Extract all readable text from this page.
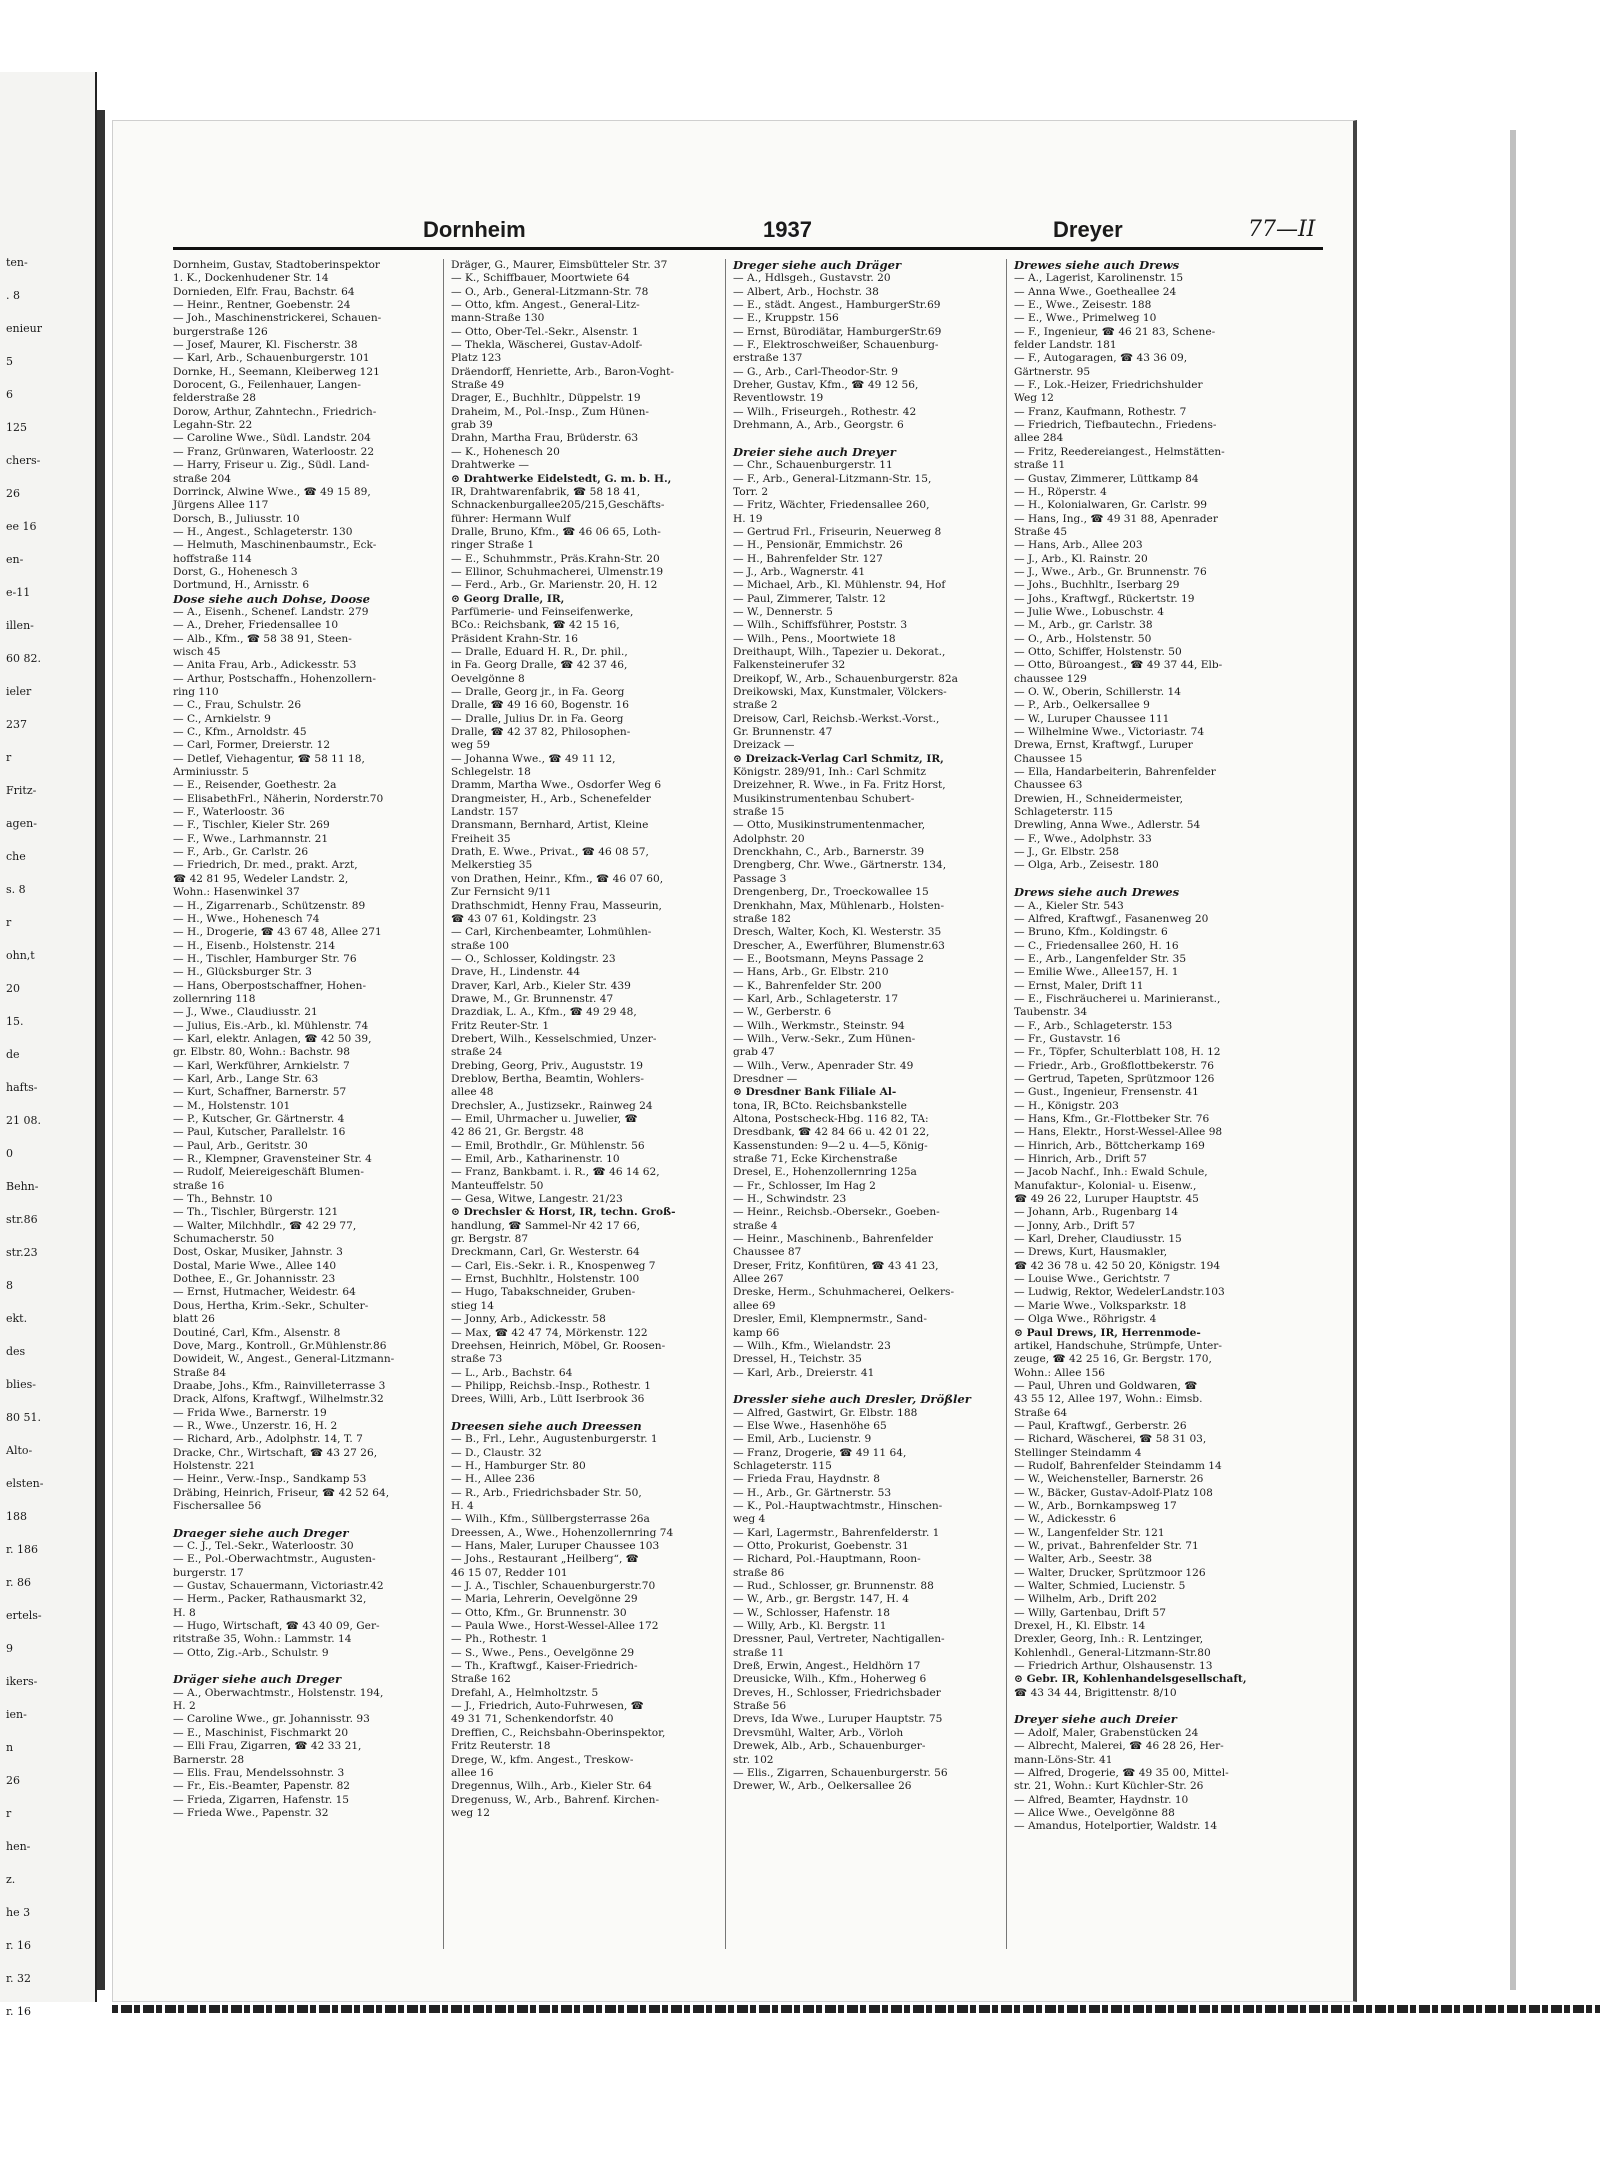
ten-
. 8
enieur
5
6
125
chers-
26
ee 16
en-
e-11
illen-
60 82.
ieler
237
r
Fritz-
agen-
che
s. 8
r
ohn,t
20
15.
de
hafts-
21 08.
0
Behn-
str.86
str.23
8
ekt.
des
blies-
80 51.
Alto-
elsten-
188
r. 186
r. 86
ertels-
9
ikers-
ien-
n
26
r
hen-
z.
he 3
r. 16
r. 32
r. 16
Dornheim	1937	Dreyer	77—II
Dornheim, Gustav, Stadtoberinspektor
1. K., Dockenhudener Str. 14
Dornieden, Elfr. Frau, Bachstr. 64
— Heinr., Rentner, Goebenstr. 24
— Joh., Maschinenstrickerei, Schauen-
burgerstraße 126
— Josef, Maurer, Kl. Fischerstr. 38
— Karl, Arb., Schauenburgerstr. 101
Dornke, H., Seemann, Kleiberweg 121
Dorocent, G., Feilenhauer, Langen-
felderstraße 28
Dorow, Arthur, Zahntechn., Friedrich-
Legahn-Str. 22
— Caroline Wwe., Südl. Landstr. 204
— Franz, Grünwaren, Waterloostr. 22
— Harry, Friseur u. Zig., Südl. Land-
straße 204
Dorrinck, Alwine Wwe., ☎ 49 15 89,
Jürgens Allee 117
Dorsch, B., Juliusstr. 10
— H., Angest., Schlageterstr. 130
— Helmuth, Maschinenbaumstr., Eck-
hoffstraße 114
Dorst, G., Hohenesch 3
Dortmund, H., Arnisstr. 6
Dose siehe auch Dohse, Doose
— A., Eisenh., Schenef. Landstr. 279
— A., Dreher, Friedensallee 10
— Alb., Kfm., ☎ 58 38 91, Steen-
wisch 45
— Anita Frau, Arb., Adickesstr. 53
— Arthur, Postschaffn., Hohenzollern-
ring 110
— C., Frau, Schulstr. 26
— C., Arnkielstr. 9
— C., Kfm., Arnoldstr. 45
— Carl, Former, Dreierstr. 12
— Detlef, Viehagentur, ☎ 58 11 18,
Arminiusstr. 5
— E., Reisender, Goethestr. 2a
— ElisabethFrl., Näherin, Norderstr.70
— F., Waterloostr. 36
— F., Tischler, Kieler Str. 269
— F., Wwe., Larhmannstr. 21
— F., Arb., Gr. Carlstr. 26
— Friedrich, Dr. med., prakt. Arzt,
☎ 42 81 95, Wedeler Landstr. 2,
Wohn.: Hasenwinkel 37
— H., Zigarrenarb., Schützenstr. 89
— H., Wwe., Hohenesch 74
— H., Drogerie, ☎ 43 67 48, Allee 271
— H., Eisenb., Holstenstr. 214
— H., Tischler, Hamburger Str. 76
— H., Glücksburger Str. 3
— Hans, Oberpostschaffner, Hohen-
zollernring 118
— J., Wwe., Claudiusstr. 21
— Julius, Eis.-Arb., kl. Mühlenstr. 74
— Karl, elektr. Anlagen, ☎ 42 50 39,
gr. Elbstr. 80, Wohn.: Bachstr. 98
— Karl, Werkführer, Arnkielstr. 7
— Karl, Arb., Lange Str. 63
— Kurt, Schaffner, Barnerstr. 57
— M., Holstenstr. 101
— P., Kutscher, Gr. Gärtnerstr. 4
— Paul, Kutscher, Parallelstr. 16
— Paul, Arb., Geritstr. 30
— R., Klempner, Gravensteiner Str. 4
— Rudolf, Meiereigeschäft Blumen-
straße 16
— Th., Behnstr. 10
— Th., Tischler, Bürgerstr. 121
— Walter, Milchhdlr., ☎ 42 29 77,
Schumacherstr. 50
Dost, Oskar, Musiker, Jahnstr. 3
Dostal, Marie Wwe., Allee 140
Dothee, E., Gr. Johannisstr. 23
— Ernst, Hutmacher, Weidestr. 64
Dous, Hertha, Krim.-Sekr., Schulter-
blatt 26
Doutiné, Carl, Kfm., Alsenstr. 8
Dove, Marg., Kontroll., Gr.Mühlenstr.86
Dowideit, W., Angest., General-Litzmann-
Straße 84
Draabe, Johs., Kfm., Rainvilleterrasse 3
Drack, Alfons, Kraftwgf., Wilhelmstr.32
— Frida Wwe., Barnerstr. 19
— R., Wwe., Unzerstr. 16, H. 2
— Richard, Arb., Adolphstr. 14, T. 7
Dracke, Chr., Wirtschaft, ☎ 43 27 26,
Holstenstr. 221
— Heinr., Verw.-Insp., Sandkamp 53
Dräbing, Heinrich, Friseur, ☎ 42 52 64,
Fischersallee 56

Draeger siehe auch Dreger
— C. J., Tel.-Sekr., Waterloostr. 30
— E., Pol.-Oberwachtmstr., Augusten-
burgerstr. 17
— Gustav, Schauermann, Victoriastr.42
— Herm., Packer, Rathausmarkt 32,
H. 8
— Hugo, Wirtschaft, ☎ 43 40 09, Ger-
ritstraße 35, Wohn.: Lammstr. 14
— Otto, Zig.-Arb., Schulstr. 9

Dräger siehe auch Dreger
— A., Oberwachtmstr., Holstenstr. 194,
H. 2
— Caroline Wwe., gr. Johannisstr. 93
— E., Maschinist, Fischmarkt 20
— Elli Frau, Zigarren, ☎ 42 33 21,
Barnerstr. 28
— Elis. Frau, Mendelssohnstr. 3
— Fr., Eis.-Beamter, Papenstr. 82
— Frieda, Zigarren, Hafenstr. 15
— Frieda Wwe., Papenstr. 32
Dräger, G., Maurer, Eimsbütteler Str. 37
— K., Schiffbauer, Moortwiete 64
— O., Arb., General-Litzmann-Str. 78
— Otto, kfm. Angest., General-Litz-
mann-Straße 130
— Otto, Ober-Tel.-Sekr., Alsenstr. 1
— Thekla, Wäscherei, Gustav-Adolf-
Platz 123
Dräendorff, Henriette, Arb., Baron-Voght-
Straße 49
Drager, E., Buchhltr., Düppelstr. 19
Draheim, M., Pol.-Insp., Zum Hünen-
grab 39
Drahn, Martha Frau, Brüderstr. 63
— K., Hohenesch 20
Drahtwerke —
⊙ Drahtwerke Eidelstedt, G. m. b. H.,
IR, Drahtwarenfabrik, ☎ 58 18 41,
Schnackenburgallee205/215,Geschäfts-
führer: Hermann Wulf
Dralle, Bruno, Kfm., ☎ 46 06 65, Loth-
ringer Straße 1
— E., Schuhmmstr., Präs.Krahn-Str. 20
— Ellinor, Schuhmacherei, Ulmenstr.19
— Ferd., Arb., Gr. Marienstr. 20, H. 12
⊙ Georg Dralle, IR,
Parfümerie- und Feinseifenwerke,
BCo.: Reichsbank, ☎ 42 15 16,
Präsident Krahn-Str. 16
— Dralle, Eduard H. R., Dr. phil.,
in Fa. Georg Dralle, ☎ 42 37 46,
Oevelgönne 8
— Dralle, Georg jr., in Fa. Georg
Dralle, ☎ 49 16 60, Bogenstr. 16
— Dralle, Julius Dr. in Fa. Georg
Dralle, ☎ 42 37 82, Philosophen-
weg 59
— Johanna Wwe., ☎ 49 11 12,
Schlegelstr. 18
Dramm, Martha Wwe., Osdorfer Weg 6
Drangmeister, H., Arb., Schenefelder
Landstr. 157
Dransmann, Bernhard, Artist, Kleine
Freiheit 35
Drath, E. Wwe., Privat., ☎ 46 08 57,
Melkerstieg 35
von Drathen, Heinr., Kfm., ☎ 46 07 60,
Zur Fernsicht 9/11
Drathschmidt, Henny Frau, Masseurin,
☎ 43 07 61, Koldingstr. 23
— Carl, Kirchenbeamter, Lohmühlen-
straße 100
— O., Schlosser, Koldingstr. 23
Drave, H., Lindenstr. 44
Draver, Karl, Arb., Kieler Str. 439
Drawe, M., Gr. Brunnenstr. 47
Drazdiak, L. A., Kfm., ☎ 49 29 48,
Fritz Reuter-Str. 1
Drebert, Wilh., Kesselschmied, Unzer-
straße 24
Drebing, Georg, Priv., Auguststr. 19
Dreblow, Bertha, Beamtin, Wohlers-
allee 48
Drechsler, A., Justizsekr., Rainweg 24
— Emil, Uhrmacher u. Juwelier, ☎
42 86 21, Gr. Bergstr. 48
— Emil, Brothdlr., Gr. Mühlenstr. 56
— Emil, Arb., Katharinenstr. 10
— Franz, Bankbamt. i. R., ☎ 46 14 62,
Manteuffelstr. 50
— Gesa, Witwe, Langestr. 21/23
⊙ Drechsler & Horst, IR, techn. Groß-
handlung, ☎ Sammel-Nr 42 17 66,
gr. Bergstr. 87
Dreckmann, Carl, Gr. Westerstr. 64
— Carl, Eis.-Sekr. i. R., Knospenweg 7
— Ernst, Buchhltr., Holstenstr. 100
— Hugo, Tabakschneider, Gruben-
stieg 14
— Jonny, Arb., Adickesstr. 58
— Max, ☎ 42 47 74, Mörkenstr. 122
Dreehsen, Heinrich, Möbel, Gr. Roosen-
straße 73
— L., Arb., Bachstr. 64
— Philipp, Reichsb.-Insp., Rothestr. 1
Drees, Willi, Arb., Lütt Iserbrook 36

Dreesen siehe auch Dreessen
— B., Frl., Lehr., Augustenburgerstr. 1
— D., Claustr. 32
— H., Hamburger Str. 80
— H., Allee 236
— R., Arb., Friedrichsbader Str. 50,
H. 4
— Wilh., Kfm., Süllbergsterrasse 26a
Dreessen, A., Wwe., Hohenzollernring 74
— Hans, Maler, Luruper Chaussee 103
— Johs., Restaurant „Heilberg“, ☎
46 15 07, Redder 101
— J. A., Tischler, Schauenburgerstr.70
— Maria, Lehrerin, Oevelgönne 29
— Otto, Kfm., Gr. Brunnenstr. 30
— Paula Wwe., Horst-Wessel-Allee 172
— Ph., Rothestr. 1
— S., Wwe., Pens., Oevelgönne 29
— Th., Kraftwgf., Kaiser-Friedrich-
Straße 162
Drefahl, A., Helmholtzstr. 5
— J., Friedrich, Auto-Fuhrwesen, ☎
49 31 71, Schenkendorfstr. 40
Dreffien, C., Reichsbahn-Oberinspektor,
Fritz Reuterstr. 18
Drege, W., kfm. Angest., Treskow-
allee 16
Dregennus, Wilh., Arb., Kieler Str. 64
Dregenuss, W., Arb., Bahrenf. Kirchen-
weg 12
Dreger siehe auch Dräger
— A., Hdlsgeh., Gustavstr. 20
— Albert, Arb., Hochstr. 38
— E., städt. Angest., HamburgerStr.69
— E., Kruppstr. 156
— Ernst, Bürodiätar, HamburgerStr.69
— F., Elektroschweißer, Schauenburg-
erstraße 137
— G., Arb., Carl-Theodor-Str. 9
Dreher, Gustav, Kfm., ☎ 49 12 56,
Reventlowstr. 19
— Wilh., Friseurgeh., Rothestr. 42
Drehmann, A., Arb., Georgstr. 6

Dreier siehe auch Dreyer
— Chr., Schauenburgerstr. 11
— F., Arb., General-Litzmann-Str. 15,
Torr. 2
— Fritz, Wächter, Friedensallee 260,
H. 19
— Gertrud Frl., Friseurin, Neuerweg 8
— H., Pensionär, Emmichstr. 26
— H., Bahrenfelder Str. 127
— J., Arb., Wagnerstr. 41
— Michael, Arb., Kl. Mühlenstr. 94, Hof
— Paul, Zimmerer, Talstr. 12
— W., Dennerstr. 5
— Wilh., Schiffsführer, Poststr. 3
— Wilh., Pens., Moortwiete 18
Dreithaupt, Wilh., Tapezier u. Dekorat.,
Falkensteinerufer 32
Dreikopf, W., Arb., Schauenburgerstr. 82a
Dreikowski, Max, Kunstmaler, Völckers-
straße 2
Dreisow, Carl, Reichsb.-Werkst.-Vorst.,
Gr. Brunnenstr. 47
Dreizack —
⊙ Dreizack-Verlag Carl Schmitz, IR,
Königstr. 289/91, Inh.: Carl Schmitz
Dreizehner, R. Wwe., in Fa. Fritz Horst,
Musikinstrumentenbau Schubert-
straße 15
— Otto, Musikinstrumentenmacher,
Adolphstr. 20
Drenckhahn, C., Arb., Barnerstr. 39
Drengberg, Chr. Wwe., Gärtnerstr. 134,
Passage 3
Drengenberg, Dr., Troeckowallee 15
Drenkhahn, Max, Mühlenarb., Holsten-
straße 182
Dresch, Walter, Koch, Kl. Westerstr. 35
Drescher, A., Ewerführer, Blumenstr.63
— E., Bootsmann, Meyns Passage 2
— Hans, Arb., Gr. Elbstr. 210
— K., Bahrenfelder Str. 200
— Karl, Arb., Schlageterstr. 17
— W., Gerberstr. 6
— Wilh., Werkmstr., Steinstr. 94
— Wilh., Verw.-Sekr., Zum Hünen-
grab 47
— Wilh., Verw., Apenrader Str. 49
Dresdner —
⊙ Dresdner Bank Filiale Al-
tona, IR, BCto. Reichsbankstelle
Altona, Postscheck-Hbg. 116 82, TA:
Dresdbank, ☎ 42 84 66 u. 42 01 22,
Kassenstunden: 9—2 u. 4—5, König-
straße 71, Ecke Kirchenstraße
Dresel, E., Hohenzollernring 125a
— Fr., Schlosser, Im Hag 2
— H., Schwindstr. 23
— Heinr., Reichsb.-Obersekr., Goeben-
straße 4
— Heinr., Maschinenb., Bahrenfelder
Chaussee 87
Dreser, Fritz, Konfitüren, ☎ 43 41 23,
Allee 267
Dreske, Herm., Schuhmacherei, Oelkers-
allee 69
Dresler, Emil, Klempnermstr., Sand-
kamp 66
— Wilh., Kfm., Wielandstr. 23
Dressel, H., Teichstr. 35
— Karl, Arb., Dreierstr. 41

Dressler siehe auch Dresler, Drößler
— Alfred, Gastwirt, Gr. Elbstr. 188
— Else Wwe., Hasenhöhe 65
— Emil, Arb., Lucienstr. 9
— Franz, Drogerie, ☎ 49 11 64,
Schlageterstr. 115
— Frieda Frau, Haydnstr. 8
— H., Arb., Gr. Gärtnerstr. 53
— K., Pol.-Hauptwachtmstr., Hinschen-
weg 4
— Karl, Lagermstr., Bahrenfelderstr. 1
— Otto, Prokurist, Goebenstr. 31
— Richard, Pol.-Hauptmann, Roon-
straße 86
— Rud., Schlosser, gr. Brunnenstr. 88
— W., Arb., gr. Bergstr. 147, H. 4
— W., Schlosser, Hafenstr. 18
— Willy, Arb., Kl. Bergstr. 11
Dressner, Paul, Vertreter, Nachtigallen-
straße 11
Dreß, Erwin, Angest., Heldhörn 17
Dreusicke, Wilh., Kfm., Hoherweg 6
Dreves, H., Schlosser, Friedrichsbader
Straße 56
Drevs, Ida Wwe., Luruper Hauptstr. 75
Drevsmühl, Walter, Arb., Vörloh
Drewek, Alb., Arb., Schauenburger-
str. 102
— Elis., Zigarren, Schauenburgerstr. 56
Drewer, W., Arb., Oelkersallee 26
Drewes siehe auch Drews
— A., Lagerist, Karolinenstr. 15
— Anna Wwe., Goetheallee 24
— E., Wwe., Zeisestr. 188
— E., Wwe., Primelweg 10
— F., Ingenieur, ☎ 46 21 83, Schene-
felder Landstr. 181
— F., Autogaragen, ☎ 43 36 09,
Gärtnerstr. 95
— F., Lok.-Heizer, Friedrichshulder
Weg 12
— Franz, Kaufmann, Rothestr. 7
— Friedrich, Tiefbautechn., Friedens-
allee 284
— Fritz, Reedereiangest., Helmstätten-
straße 11
— Gustav, Zimmerer, Lüttkamp 84
— H., Röperstr. 4
— H., Kolonialwaren, Gr. Carlstr. 99
— Hans, Ing., ☎ 49 31 88, Apenrader
Straße 45
— Hans, Arb., Allee 203
— J., Arb., Kl. Rainstr. 20
— J., Wwe., Arb., Gr. Brunnenstr. 76
— Johs., Buchhltr., Iserbarg 29
— Johs., Kraftwgf., Rückertstr. 19
— Julie Wwe., Lobuschstr. 4
— M., Arb., gr. Carlstr. 38
— O., Arb., Holstenstr. 50
— Otto, Schiffer, Holstenstr. 50
— Otto, Büroangest., ☎ 49 37 44, Elb-
chaussee 129
— O. W., Oberin, Schillerstr. 14
— P., Arb., Oelkersallee 9
— W., Luruper Chaussee 111
— Wilhelmine Wwe., Victoriastr. 74
Drewa, Ernst, Kraftwgf., Luruper
Chaussee 15
— Ella, Handarbeiterin, Bahrenfelder
Chaussee 63
Drewien, H., Schneidermeister,
Schlageterstr. 115
Drewling, Anna Wwe., Adlerstr. 54
— F., Wwe., Adolphstr. 33
— J., Gr. Elbstr. 258
— Olga, Arb., Zeisestr. 180

Drews siehe auch Drewes
— A., Kieler Str. 543
— Alfred, Kraftwgf., Fasanenweg 20
— Bruno, Kfm., Koldingstr. 6
— C., Friedensallee 260, H. 16
— E., Arb., Langenfelder Str. 35
— Emilie Wwe., Allee157, H. 1
— Ernst, Maler, Drift 11
— E., Fischräucherei u. Marinieranst.,
Taubenstr. 34
— F., Arb., Schlageterstr. 153
— Fr., Gustavstr. 16
— Fr., Töpfer, Schulterblatt 108, H. 12
— Friedr., Arb., Großflottbekerstr. 76
— Gertrud, Tapeten, Sprützmoor 126
— Gust., Ingenieur, Frensenstr. 41
— H., Königstr. 203
— Hans, Kfm., Gr.-Flottbeker Str. 76
— Hans, Elektr., Horst-Wessel-Allee 98
— Hinrich, Arb., Böttcherkamp 169
— Hinrich, Arb., Drift 57
— Jacob Nachf., Inh.: Ewald Schule,
Manufaktur-, Kolonial- u. Eisenw.,
☎ 49 26 22, Luruper Hauptstr. 45
— Johann, Arb., Rugenbarg 14
— Jonny, Arb., Drift 57
— Karl, Dreher, Claudiusstr. 15
— Drews, Kurt, Hausmakler,
☎ 42 36 78 u. 42 50 20, Königstr. 194
— Louise Wwe., Gerichtstr. 7
— Ludwig, Rektor, WedelerLandstr.103
— Marie Wwe., Volksparkstr. 18
— Olga Wwe., Röhrigstr. 4
⊙ Paul Drews, IR, Herrenmode-
artikel, Handschuhe, Strümpfe, Unter-
zeuge, ☎ 42 25 16, Gr. Bergstr. 170,
Wohn.: Allee 156
— Paul, Uhren und Goldwaren, ☎
43 55 12, Allee 197, Wohn.: Eimsb.
Straße 64
— Paul, Kraftwgf., Gerberstr. 26
— Richard, Wäscherei, ☎ 58 31 03,
Stellinger Steindamm 4
— Rudolf, Bahrenfelder Steindamm 14
— W., Weichensteller, Barnerstr. 26
— W., Bäcker, Gustav-Adolf-Platz 108
— W., Arb., Bornkampsweg 17
— W., Adickesstr. 6
— W., Langenfelder Str. 121
— W., privat., Bahrenfelder Str. 71
— Walter, Arb., Seestr. 38
— Walter, Drucker, Sprützmoor 126
— Walter, Schmied, Lucienstr. 5
— Wilhelm, Arb., Drift 202
— Willy, Gartenbau, Drift 57
Drexel, H., Kl. Elbstr. 14
Drexler, Georg, Inh.: R. Lentzinger,
Kohlenhdl., General-Litzmann-Str.80
— Friedrich Arthur, Olshausenstr. 13
⊙ Gebr. IR, Kohlenhandelsgesellschaft,
☎ 43 34 44, Brigittenstr. 8/10

Dreyer siehe auch Dreier
— Adolf, Maler, Grabenstücken 24
— Albrecht, Malerei, ☎ 46 28 26, Her-
mann-Löns-Str. 41
— Alfred, Drogerie, ☎ 49 35 00, Mittel-
str. 21, Wohn.: Kurt Küchler-Str. 26
— Alfred, Beamter, Haydnstr. 10
— Alice Wwe., Oevelgönne 88
— Amandus, Hotelportier, Waldstr. 14
